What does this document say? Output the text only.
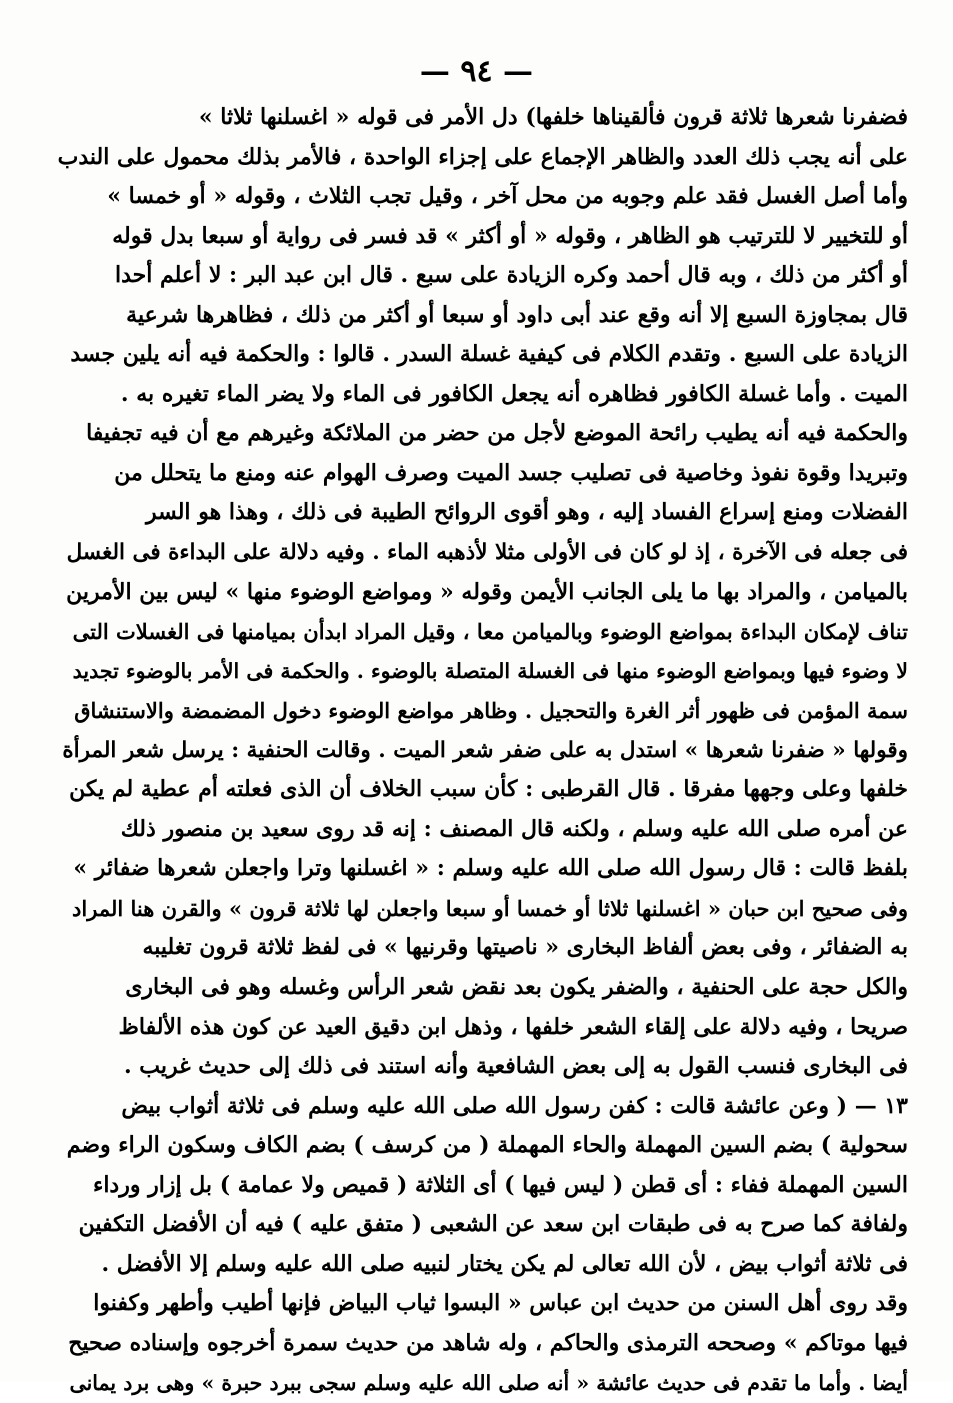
— ٩٤ —
فضفرنا شعرها ثلاثة قرون فألقيناها خلفها) دل الأمر فى قوله « اغسلنها ثلاثا »
على أنه يجب ذلك العدد والظاهر الإجماع على إجزاء الواحدة ، فالأمر بذلك محمول على الندب
وأما أصل الغسل فقد علم وجوبه من محل آخر ، وقيل تجب الثلاث ، وقوله « أو خمسا »
أو للتخيير لا للترتيب هو الظاهر ، وقوله « أو أكثر » قد فسر فى رواية أو سبعا بدل قوله
أو أكثر من ذلك ، وبه قال أحمد وكره الزيادة على سبع . قال ابن عبد البر : لا أعلم أحدا
قال بمجاوزة السبع إلا أنه وقع عند أبى داود أو سبعا أو أكثر من ذلك ، فظاهرها شرعية
الزيادة على السبع . وتقدم الكلام فى كيفية غسلة السدر . قالوا : والحكمة فيه أنه يلين جسد
الميت . وأما غسلة الكافور فظاهره أنه يجعل الكافور فى الماء ولا يضر الماء تغيره به .
والحكمة فيه أنه يطيب رائحة الموضع لأجل من حضر من الملائكة وغيرهم مع أن فيه تجفيفا
وتبريدا وقوة نفوذ وخاصية فى تصليب جسد الميت وصرف الهوام عنه ومنع ما يتحلل من
الفضلات ومنع إسراع الفساد إليه ، وهو أقوى الروائح الطيبة فى ذلك ، وهذا هو السر
فى جعله فى الآخرة ، إذ لو كان فى الأولى مثلا لأذهبه الماء . وفيه دلالة على البداءة فى الغسل
بالميامن ، والمراد بها ما يلى الجانب الأيمن وقوله « ومواضع الوضوء منها » ليس بين الأمرين
تناف لإمكان البداءة بمواضع الوضوء وبالميامن معا ، وقيل المراد ابدأن بميامنها فى الغسلات التى
لا وضوء فيها وبمواضع الوضوء منها فى الغسلة المتصلة بالوضوء . والحكمة فى الأمر بالوضوء تجديد
سمة المؤمن فى ظهور أثر الغرة والتحجيل . وظاهر مواضع الوضوء دخول المضمضة والاستنشاق
وقولها « ضفرنا شعرها » استدل به على ضفر شعر الميت . وقالت الحنفية : يرسل شعر المرأة
خلفها وعلى وجهها مفرقا . قال القرطبى : كأن سبب الخلاف أن الذى فعلته أم عطية لم يكن
عن أمره صلى الله عليه وسلم ، ولكنه قال المصنف : إنه قد روى سعيد بن منصور ذلك
بلفظ قالت : قال رسول الله صلى الله عليه وسلم : « اغسلنها وترا واجعلن شعرها ضفائر »
وفى صحيح ابن حبان « اغسلنها ثلاثا أو خمسا أو سبعا واجعلن لها ثلاثة قرون » والقرن هنا المراد
به الضفائر ، وفى بعض ألفاظ البخارى « ناصيتها وقرنيها » فى لفظ ثلاثة قرون تغليبه
والكل حجة على الحنفية ، والضفر يكون بعد نقض شعر الرأس وغسله وهو فى البخارى
صريحا ، وفيه دلالة على إلقاء الشعر خلفها ، وذهل ابن دقيق العيد عن كون هذه الألفاظ
فى البخارى فنسب القول به إلى بعض الشافعية وأنه استند فى ذلك إلى حديث غريب .
١٣ — ( وعن عائشة قالت : كفن رسول الله صلى الله عليه وسلم فى ثلاثة أثواب بيض
سحولية ) بضم السين المهملة والحاء المهملة ( من كرسف ) بضم الكاف وسكون الراء وضم
السين المهملة ففاء : أى قطن ( ليس فيها ) أى الثلاثة ( قميص ولا عمامة ) بل إزار ورداء
ولفافة كما صرح به فى طبقات ابن سعد عن الشعبى ( متفق عليه ) فيه أن الأفضل التكفين
فى ثلاثة أثواب بيض ، لأن الله تعالى لم يكن يختار لنبيه صلى الله عليه وسلم إلا الأفضل .
وقد روى أهل السنن من حديث ابن عباس « البسوا ثياب البياض فإنها أطيب وأطهر وكفنوا
فيها موتاكم » وصححه الترمذى والحاكم ، وله شاهد من حديث سمرة أخرجوه وإسناده صحيح
أيضا . وأما ما تقدم فى حديث عائشة « أنه صلى الله عليه وسلم سجى ببرد حبرة » وهى برد يمانى
